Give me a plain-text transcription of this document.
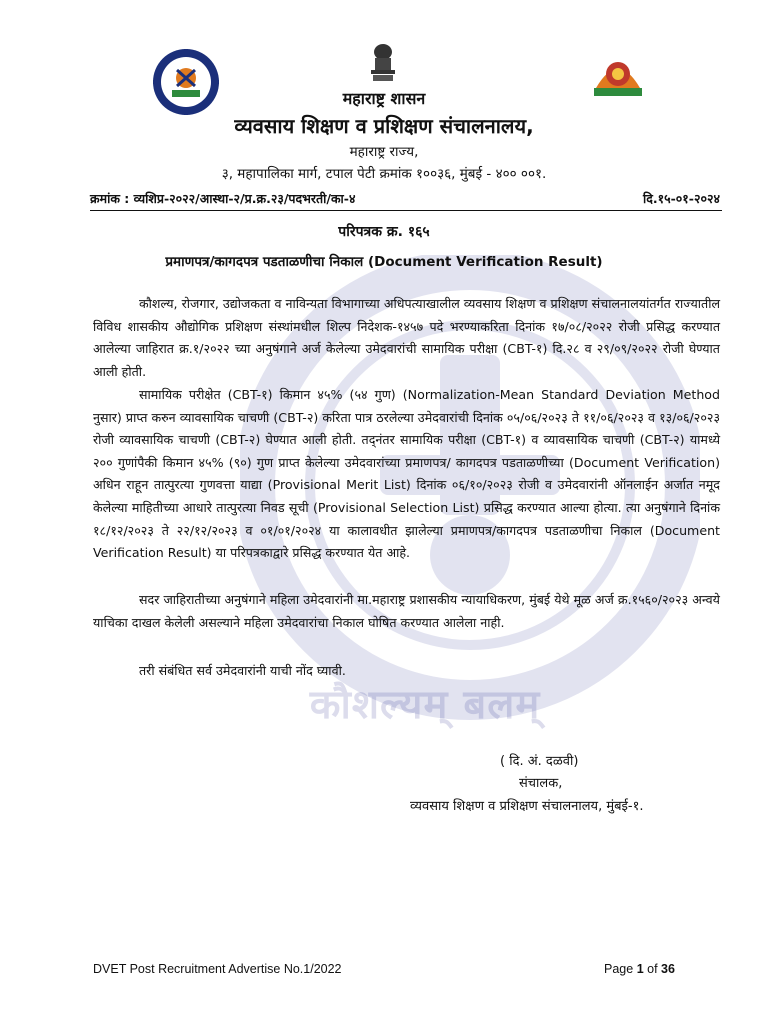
कौशल्यम् बलम्
महाराष्ट्र शासन
व्यवसाय शिक्षण व प्रशिक्षण संचालनालय,
महाराष्ट्र राज्य,
३, महापालिका मार्ग, टपाल पेटी क्रमांक १००३६, मुंबई - ४०० ००१.
क्रमांक : व्यशिप्र-२०२२/आस्था-२/प्र.क्र.२३/पदभरती/का-४	दि.१५-०१-२०२४
परिपत्रक क्र. १६५
प्रमाणपत्र/कागदपत्र पडताळणीचा निकाल (Document Verification Result)
कौशल्य, रोजगार, उद्योजकता व नाविन्यता विभागाच्या अधिपत्याखालील व्यवसाय शिक्षण व प्रशिक्षण संचालनालयांतर्गत राज्यातील विविध शासकीय औद्योगिक प्रशिक्षण संस्थांमधील शिल्प निदेशक-१४५७ पदे भरण्याकरिता दिनांक १७/०८/२०२२ रोजी प्रसिद्ध करण्यात आलेल्या जाहिरात क्र.१/२०२२ च्या अनुषंगाने अर्ज केलेल्या उमेदवारांची सामायिक परीक्षा (CBT-१) दि.२८ व २९/०९/२०२२ रोजी घेण्यात आली होती.
सामायिक परीक्षेत (CBT-१) किमान ४५% (५४ गुण) (Normalization-Mean Standard Deviation Method नुसार) प्राप्त करुन व्यावसायिक चाचणी (CBT-२) करिता पात्र ठरलेल्या उमेदवारांची दिनांक ०५/०६/२०२३ ते ११/०६/२०२३ व १३/०६/२०२३ रोजी व्यावसायिक चाचणी (CBT-२) घेण्यात आली होती. तद्नंतर सामायिक परीक्षा (CBT-१) व व्यावसायिक चाचणी (CBT-२) यामध्ये २०० गुणांपैकी किमान ४५% (९०) गुण प्राप्त केलेल्या उमेदवारांच्या प्रमाणपत्र/ कागदपत्र पडताळणीच्या (Document Verification) अधिन राहून तात्पुरत्या गुणवत्ता याद्या (Provisional Merit List) दिनांक ०६/१०/२०२३ रोजी व उमेदवारांनी ऑनलाईन अर्जात नमूद केलेल्या माहितीच्या आधारे तात्पुरत्या निवड सूची (Provisional Selection List) प्रसिद्ध करण्यात आल्या होत्या. त्या अनुषंगाने दिनांक १८/१२/२०२३ ते २२/१२/२०२३ व ०१/०१/२०२४ या कालावधीत झालेल्या प्रमाणपत्र/कागदपत्र पडताळणीचा निकाल (Document Verification Result) या परिपत्रकाद्वारे प्रसिद्ध करण्यात येत आहे.
सदर जाहिरातीच्या अनुषंगाने महिला उमेदवारांनी मा.महाराष्ट्र प्रशासकीय न्यायाधिकरण, मुंबई येथे मूळ अर्ज क्र.१५६०/२०२३ अन्वये याचिका दाखल केलेली असल्याने महिला उमेदवारांचा निकाल घोषित करण्यात आलेला नाही.
तरी संबंधित सर्व उमेदवारांनी याची नोंद घ्यावी.
( दि. अं. दळवी)
संचालक,
व्यवसाय शिक्षण व प्रशिक्षण संचालनालय, मुंबई-१.
DVET Post Recruitment Advertise No.1/2022	Page 1 of 36
